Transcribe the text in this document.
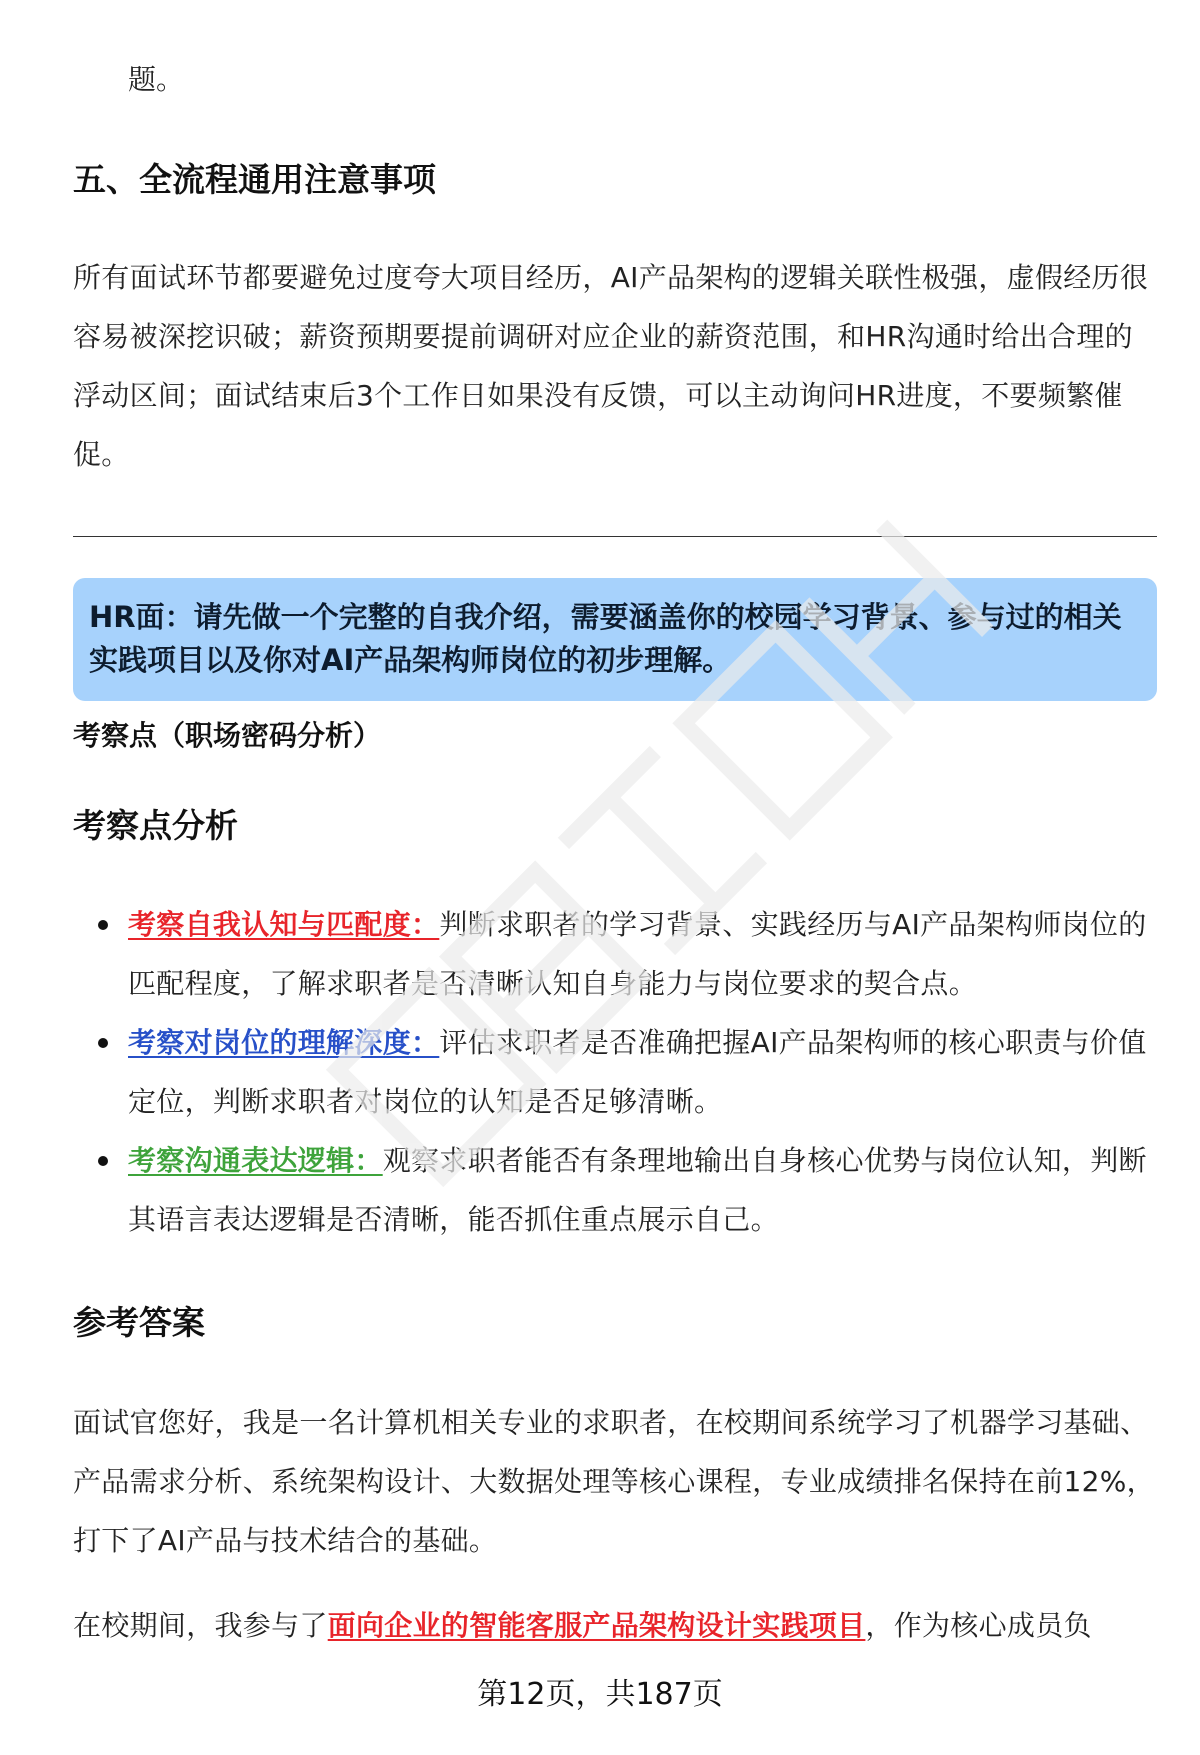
题。
五、全流程通用注意事项
所有面试环节都要避免过度夸大项目经历，AI产品架构的逻辑关联性极强，虚假经历很容易被深挖识破；薪资预期要提前调研对应企业的薪资范围，和HR沟通时给出合理的浮动区间；面试结束后3个工作日如果没有反馈，可以主动询问HR进度，不要频繁催促。
HR面：请先做一个完整的自我介绍，需要涵盖你的校园学习背景、参与过的相关实践项目以及你对AI产品架构师岗位的初步理解。
考察点（职场密码分析）
考察点分析
考察自我认知与匹配度：判断求职者的学习背景、实践经历与AI产品架构师岗位的匹配程度，了解求职者是否清晰认知自身能力与岗位要求的契合点。
考察对岗位的理解深度：评估求职者是否准确把握AI产品架构师的核心职责与价值定位，判断求职者对岗位的认知是否足够清晰。
考察沟通表达逻辑：观察求职者能否有条理地输出自身核心优势与岗位认知，判断其语言表达逻辑是否清晰，能否抓住重点展示自己。
参考答案
面试官您好，我是一名计算机相关专业的求职者，在校期间系统学习了机器学习基础、产品需求分析、系统架构设计、大数据处理等核心课程，专业成绩排名保持在前12%，打下了AI产品与技术结合的基础。
在校期间，我参与了面向企业的智能客服产品架构设计实践项目，作为核心成员负
第12页，共187页
